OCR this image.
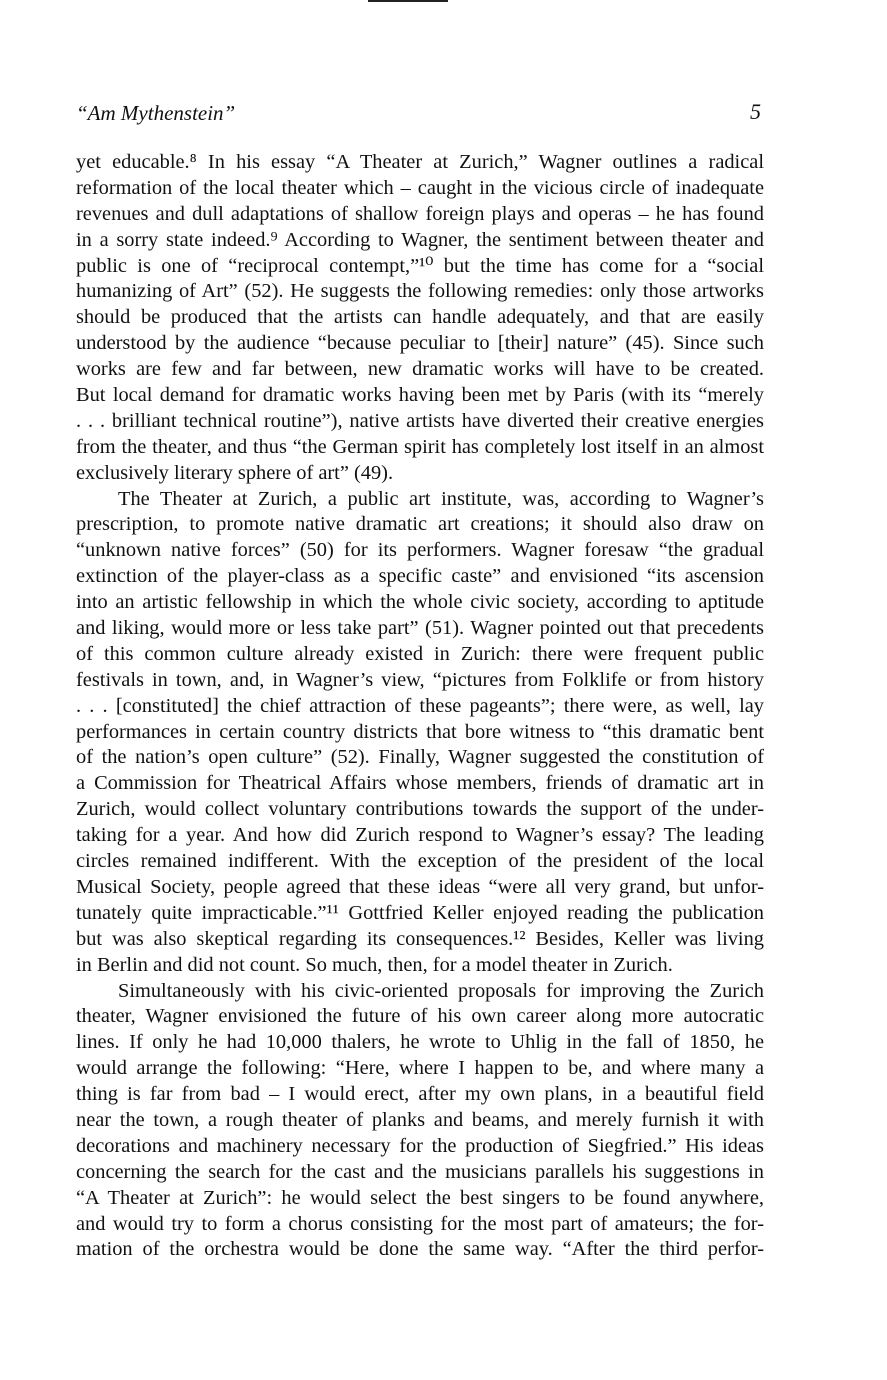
“Am Mythenstein”	5
yet educable.⁸ In his essay “A Theater at Zurich,” Wagner outlines a radical
reformation of the local theater which – caught in the vicious circle of inadequate
revenues and dull adaptations of shallow foreign plays and operas – he has found
in a sorry state indeed.⁹ According to Wagner, the sentiment between theater and
public is one of “reciprocal contempt,”¹⁰ but the time has come for a “social
humanizing of Art” (52). He suggests the following remedies: only those artworks
should be produced that the artists can handle adequately, and that are easily
understood by the audience “because peculiar to [their] nature” (45). Since such
works are few and far between, new dramatic works will have to be created.
But local demand for dramatic works having been met by Paris (with its “merely
. . . brilliant technical routine”), native artists have diverted their creative energies
from the theater, and thus “the German spirit has completely lost itself in an almost
exclusively literary sphere of art” (49).
The Theater at Zurich, a public art institute, was, according to Wagner’s
prescription, to promote native dramatic art creations; it should also draw on
“unknown native forces” (50) for its performers. Wagner foresaw “the gradual
extinction of the player-class as a specific caste” and envisioned “its ascension
into an artistic fellowship in which the whole civic society, according to aptitude
and liking, would more or less take part” (51). Wagner pointed out that precedents
of this common culture already existed in Zurich: there were frequent public
festivals in town, and, in Wagner’s view, “pictures from Folklife or from history
. . . [constituted] the chief attraction of these pageants”; there were, as well, lay
performances in certain country districts that bore witness to “this dramatic bent
of the nation’s open culture” (52). Finally, Wagner suggested the constitution of
a Commission for Theatrical Affairs whose members, friends of dramatic art in
Zurich, would collect voluntary contributions towards the support of the under-
taking for a year. And how did Zurich respond to Wagner’s essay? The leading
circles remained indifferent. With the exception of the president of the local
Musical Society, people agreed that these ideas “were all very grand, but unfor-
tunately quite impracticable.”¹¹ Gottfried Keller enjoyed reading the publication
but was also skeptical regarding its consequences.¹² Besides, Keller was living
in Berlin and did not count. So much, then, for a model theater in Zurich.
Simultaneously with his civic-oriented proposals for improving the Zurich
theater, Wagner envisioned the future of his own career along more autocratic
lines. If only he had 10,000 thalers, he wrote to Uhlig in the fall of 1850, he
would arrange the following: “Here, where I happen to be, and where many a
thing is far from bad – I would erect, after my own plans, in a beautiful field
near the town, a rough theater of planks and beams, and merely furnish it with
decorations and machinery necessary for the production of Siegfried.” His ideas
concerning the search for the cast and the musicians parallels his suggestions in
“A Theater at Zurich”: he would select the best singers to be found anywhere,
and would try to form a chorus consisting for the most part of amateurs; the for-
mation of the orchestra would be done the same way. “After the third perfor-
